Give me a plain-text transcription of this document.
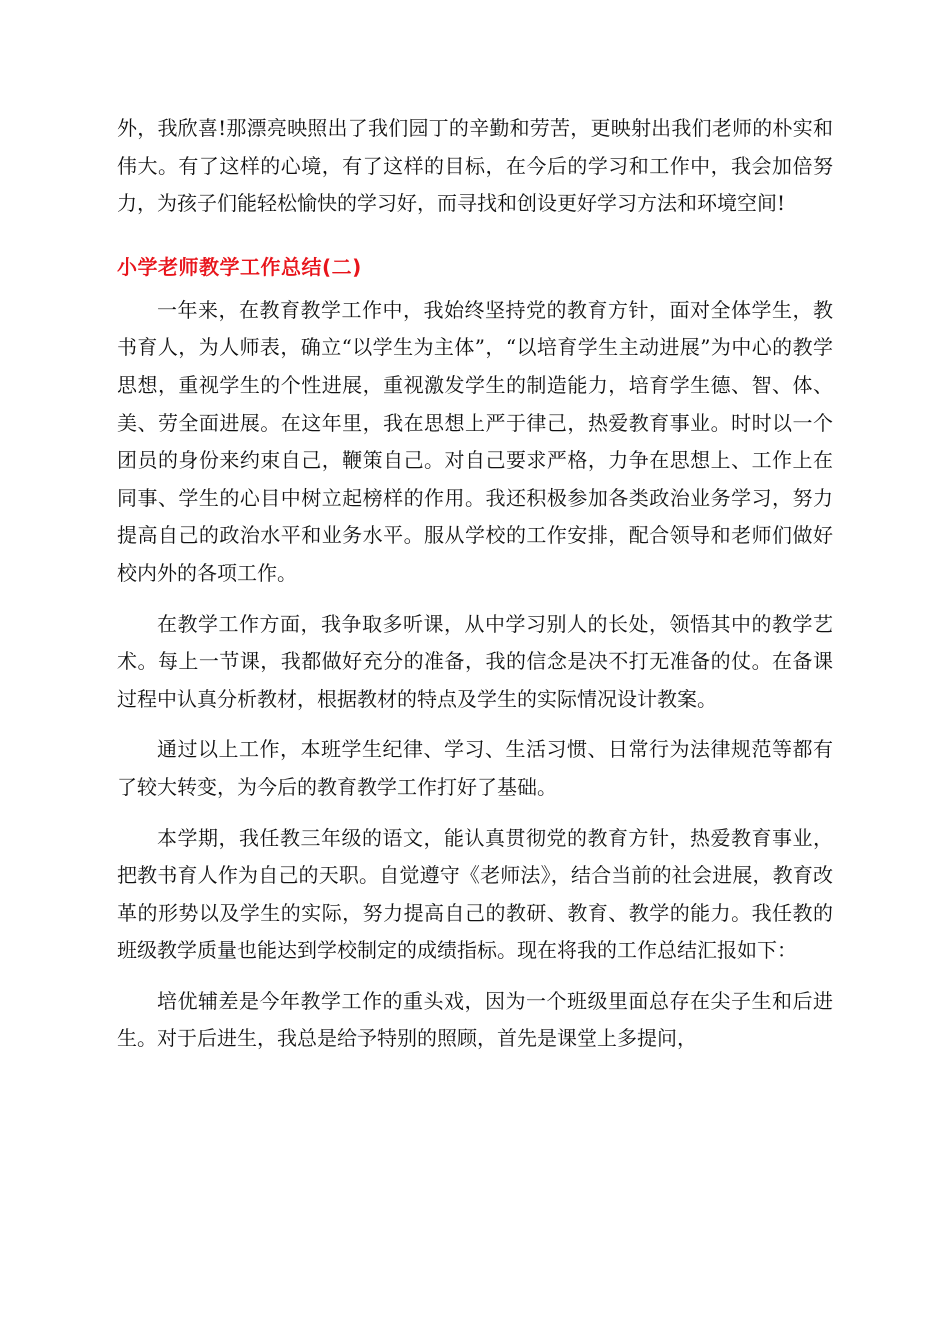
外，我欣喜!那漂亮映照出了我们园丁的辛勤和劳苦，更映射出我们老师的朴实和伟大。有了这样的心境，有了这样的目标，在今后的学习和工作中，我会加倍努力，为孩子们能轻松愉快的学习好，而寻找和创设更好学习方法和环境空间!

小学老师教学工作总结(二)

一年来，在教育教学工作中，我始终坚持党的教育方针，面对全体学生，教书育人，为人师表，确立“以学生为主体”，“以培育学生主动进展”为中心的教学思想，重视学生的个性进展，重视激发学生的制造能力，培育学生德、智、体、美、劳全面进展。在这年里，我在思想上严于律己，热爱教育事业。时时以一个团员的身份来约束自己，鞭策自己。对自己要求严格，力争在思想上、工作上在同事、学生的心目中树立起榜样的作用。我还积极参加各类政治业务学习，努力提高自己的政治水平和业务水平。服从学校的工作安排，配合领导和老师们做好校内外的各项工作。

在教学工作方面，我争取多听课，从中学习别人的长处，领悟其中的教学艺术。每上一节课，我都做好充分的准备，我的信念是决不打无准备的仗。在备课过程中认真分析教材，根据教材的特点及学生的实际情况设计教案。

通过以上工作，本班学生纪律、学习、生活习惯、日常行为法律规范等都有了较大转变，为今后的教育教学工作打好了基础。

本学期，我任教三年级的语文，能认真贯彻党的教育方针，热爱教育事业，把教书育人作为自己的天职。自觉遵守《老师法》，结合当前的社会进展，教育改革的形势以及学生的实际，努力提高自己的教研、教育、教学的能力。我任教的班级教学质量也能达到学校制定的成绩指标。现在将我的工作总结汇报如下：

培优辅差是今年教学工作的重头戏，因为一个班级里面总存在尖子生和后进生。对于后进生，我总是给予特别的照顾，首先是课堂上多提问，
